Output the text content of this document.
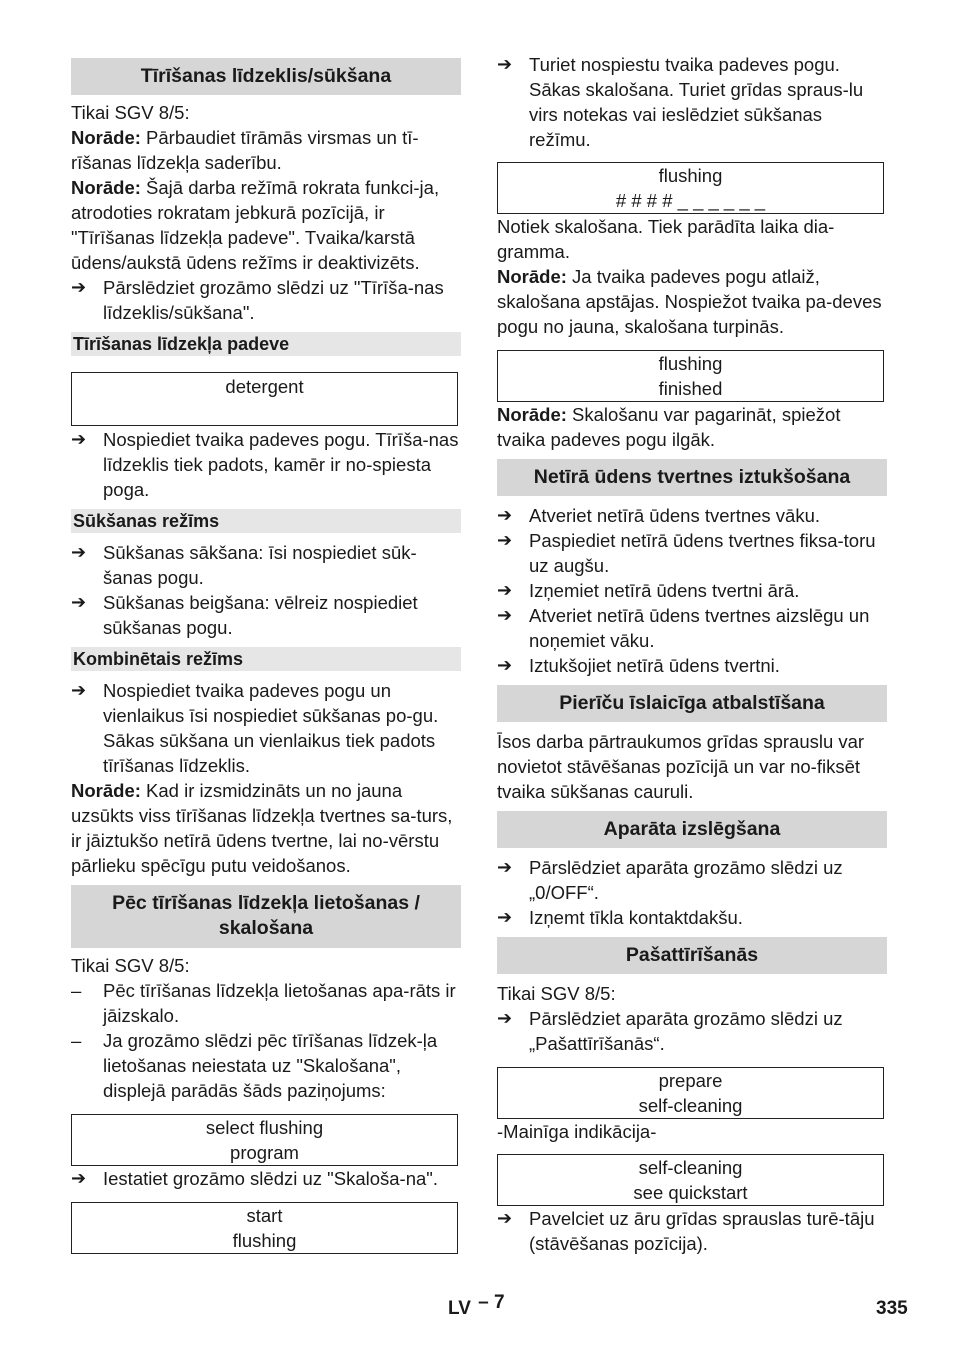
Tīrīšanas līdzeklis/sūkšana

Tikai SGV 8/5:

Norāde: Pārbaudiet tīrāmās virsmas un tī-rīšanas līdzekļa saderību.

Norāde: Šajā darba režīmā rokrata funkci-ja, atrodoties rokratam jebkurā pozīcijā, ir "Tīrīšanas līdzekļa padeve". Tvaika/karstā ūdens/aukstā ūdens režīms ir deaktivizēts.

➔ Pārslēdziet grozāmo slēdzi uz "Tīrīša-nas līdzeklis/sūkšana".
Tīrīšanas līdzekļa padeve
detergent
➔ Nospiediet tvaika padeves pogu. Tīrīša-nas līdzeklis tiek padots, kamēr ir no-spiesta poga.
Sūkšanas režīms
➔ Sūkšanas sākšana: īsi nospiediet sūk-šanas pogu.
➔ Sūkšanas beigšana: vēlreiz nospiediet sūkšanas pogu.
Kombinētais režīms
➔ Nospiediet tvaika padeves pogu un vienlaikus īsi nospiediet sūkšanas po-gu. Sākas sūkšana un vienlaikus tiek padots tīrīšanas līdzeklis.

Norāde: Kad ir izsmidzināts un no jauna uzsūkts viss tīrīšanas līdzekļa tvertnes sa-turs, ir jāiztukšo netīrā ūdens tvertne, lai no-vērstu pārlieku spēcīgu putu veidošanos.

Pēc tīrīšanas līdzekļa lietošanas / skalošana

Tikai SGV 8/5:

–	Pēc tīrīšanas līdzekļa lietošanas apa-rāts ir jāizskalo.
–	Ja grozāmo slēdzi pēc tīrīšanas līdzek-ļa lietošanas neiestata uz "Skalošana", displejā parādās šāds paziņojums:
select flushing
program
➔ Iestatiet grozāmo slēdzi uz "Skaloša-na".
start
flushing
➔ Turiet nospiestu tvaika padeves pogu. Sākas skalošana. Turiet grīdas spraus-lu virs notekas vai ieslēdziet sūkšanas režīmu.
flushing
# # # # _ _ _ _ _ _

Notiek skalošana. Tiek parādīta laika dia-gramma.

Norāde: Ja tvaika padeves pogu atlaiž, skalošana apstājas. Nospiežot tvaika pa-deves pogu no jauna, skalošana turpinās.

flushing
finished

Norāde: Skalošanu var pagarināt, spiežot tvaika padeves pogu ilgāk.

Netīrā ūdens tvertnes iztukšošana
➔ Atveriet netīrā ūdens tvertnes vāku.
➔ Paspiediet netīrā ūdens tvertnes fiksa-toru uz augšu.
➔ Izņemiet netīrā ūdens tvertni ārā.
➔ Atveriet netīrā ūdens tvertnes aizslēgu un noņemiet vāku.
➔ Iztukšojiet netīrā ūdens tvertni.
Pierīču īslaicīga atbalstīšana

Īsos darba pārtraukumos grīdas sprauslu var novietot stāvēšanas pozīcijā un var no-fiksēt tvaika sūkšanas cauruli.

Aparāta izslēgšana
➔ Pārslēdziet aparāta grozāmo slēdzi uz „0/OFF“.
➔ Izņemt tīkla kontaktdakšu.
Pašattīrīšanās

Tikai SGV 8/5:

➔ Pārslēdziet aparāta grozāmo slēdzi uz „Pašattīrīšanās“.
prepare
self-cleaning

-Mainīga indikācija-

self-cleaning
see quickstart
➔ Pavelciet uz āru grīdas sprauslas turē-tāju (stāvēšanas pozīcija).
LV – 7	335
